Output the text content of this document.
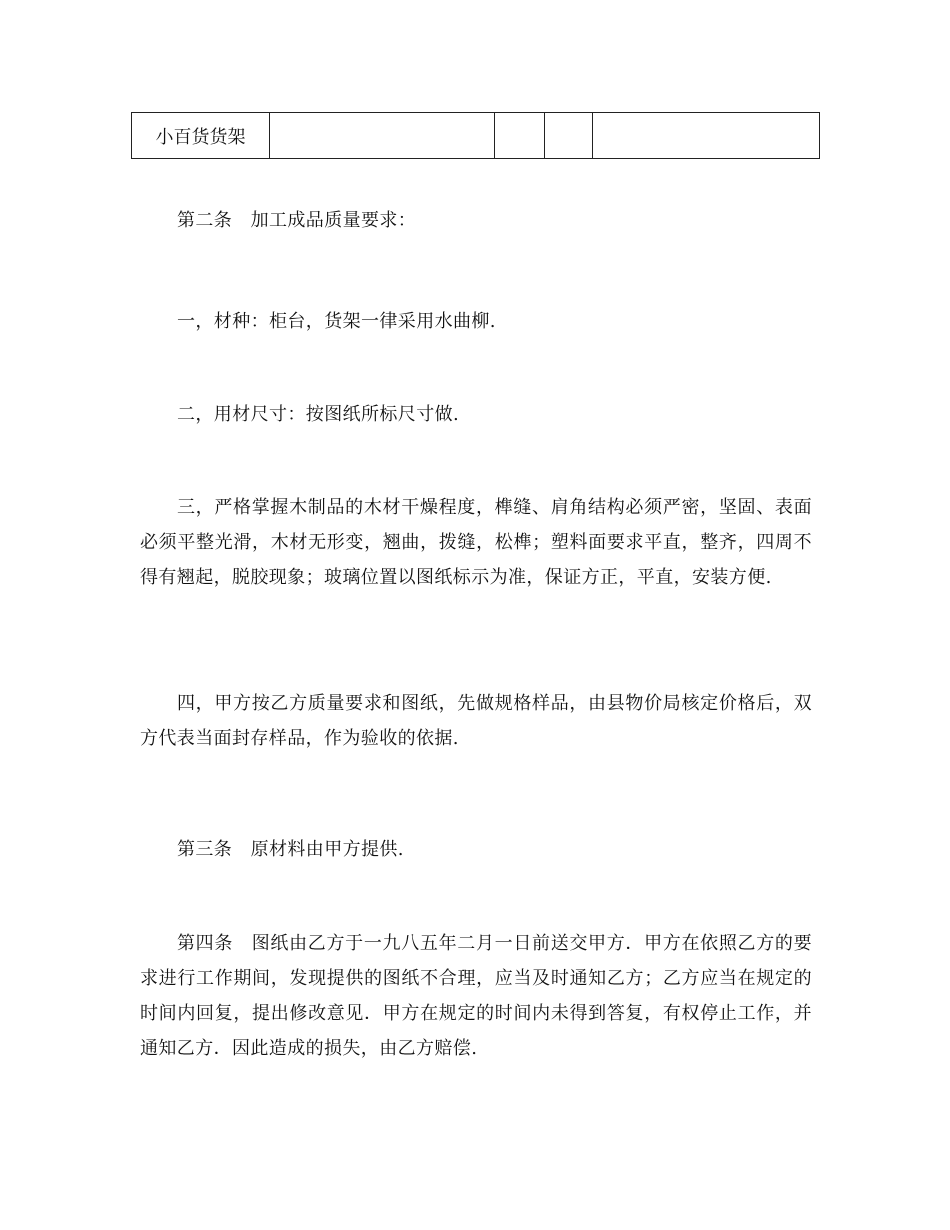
小百货货架				

第二条　加工成品质量要求：

一，材种：柜台，货架一律采用水曲柳.

二，用材尺寸：按图纸所标尺寸做.

三，严格掌握木制品的木材干燥程度，榫缝、肩角结构必须严密，坚固、表面必须平整光滑，木材无形变，翘曲，拨缝，松榫；塑料面要求平直，整齐，四周不得有翘起，脱胶现象；玻璃位置以图纸标示为准，保证方正，平直，安装方便.

四，甲方按乙方质量要求和图纸，先做规格样品，由县物价局核定价格后，双方代表当面封存样品，作为验收的依据.

第三条　原材料由甲方提供.

第四条　图纸由乙方于一九八五年二月一日前送交甲方．甲方在依照乙方的要求进行工作期间，发现提供的图纸不合理，应当及时通知乙方；乙方应当在规定的时间内回复，提出修改意见．甲方在规定的时间内未得到答复，有权停止工作，并通知乙方．因此造成的损失，由乙方赔偿.
